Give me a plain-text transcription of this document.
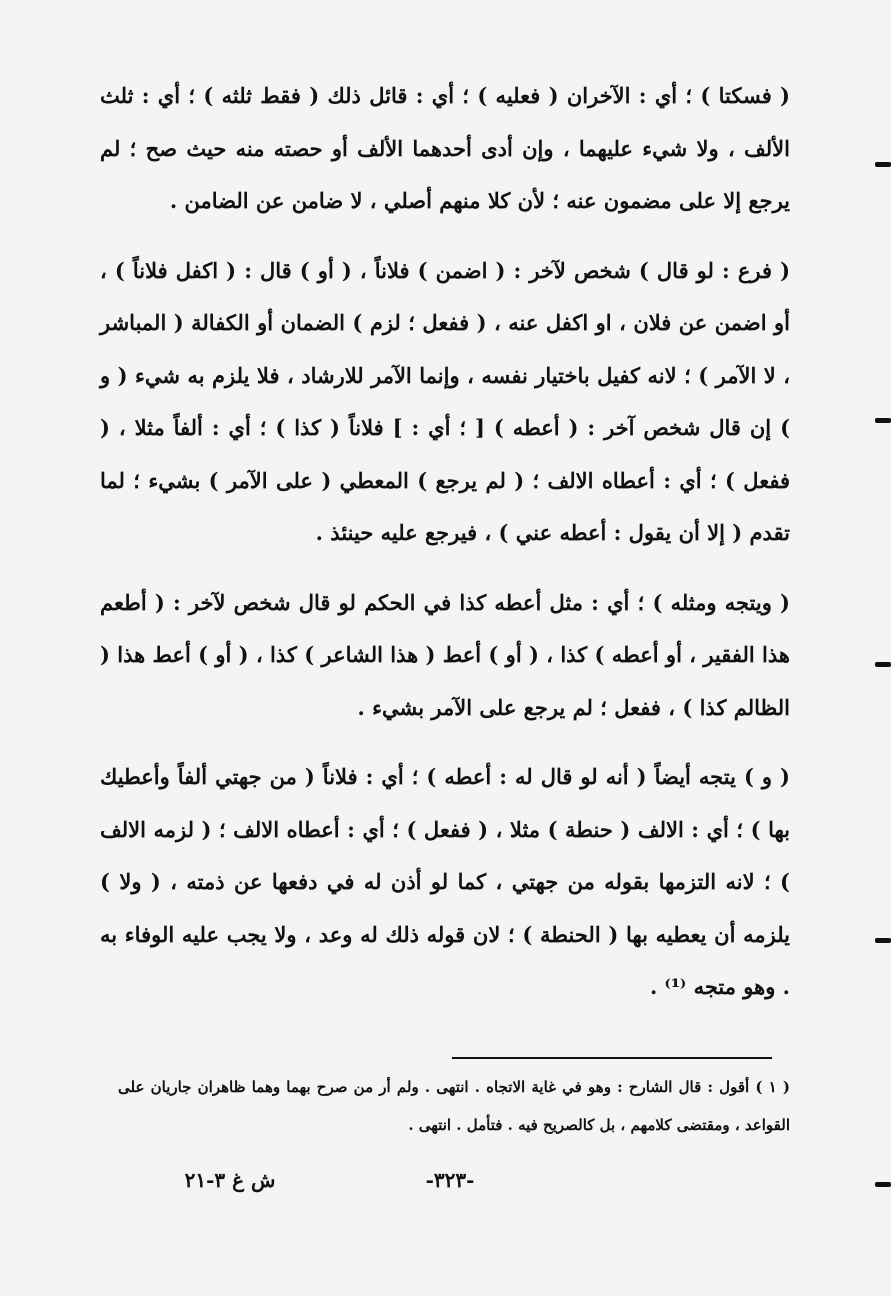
( فسكتا ) ؛ أي : الآخران ( فعليه ) ؛ أي : قائل ذلك ( فقط ثلثه ) ؛ أي : ثلث الألف ، ولا شيء عليهما ، وإن أدى أحدهما الألف أو حصته منه حيث صح ؛ لم يرجع إلا على مضمون عنه ؛ لأن كلا منهم أصلي ، لا ضامن عن الضامن .

( فرع : لو قال ) شخص لآخر : ( اضمن ) فلاناً ، ( أو ) قال : ( اكفل فلاناً ) ، أو اضمن عن فلان ، او اكفل عنه ، ( ففعل ؛ لزم ) الضمان أو الكفالة ( المباشر ، لا الآمر ) ؛ لانه كفيل باختيار نفسه ، وإنما الآمر للارشاد ، فلا يلزم به شيء ( و ) إن قال شخص آخر : ( أعطه ) [ ؛ أي : ] فلاناً ( كذا ) ؛ أي : ألفاً مثلا ، ( ففعل ) ؛ أي : أعطاه الالف ؛ ( لم يرجع ) المعطي ( على الآمر ) بشيء ؛ لما تقدم ( إلا أن يقول : أعطه عني ) ، فيرجع عليه حينئذ .

( ويتجه ومثله ) ؛ أي : مثل أعطه كذا في الحكم لو قال شخص لآخر : ( أطعم هذا الفقير ، أو أعطه ) كذا ، ( أو ) أعط ( هذا الشاعر ) كذا ، ( أو ) أعط هذا ( الظالم كذا ) ، ففعل ؛ لم يرجع على الآمر بشيء .

( و ) يتجه أيضاً ( أنه لو قال له : أعطه ) ؛ أي : فلاناً ( من جهتي ألفاً وأعطيك بها ) ؛ أي : الالف ( حنطة ) مثلا ، ( ففعل ) ؛ أي : أعطاه الالف ؛ ( لزمه الالف ) ؛ لانه التزمها بقوله من جهتي ، كما لو أذن له في دفعها عن ذمته ، ( ولا ) يلزمه أن يعطيه بها ( الحنطة ) ؛ لان قوله ذلك له وعد ، ولا يجب عليه الوفاء به . وهو متجه ⁽¹⁾ .

( ١ ) أقول : قال الشارح : وهو في غاية الاتجاه . انتهى . ولم أر من صرح بهما وهما ظاهران جاريان على القواعد ، ومقتضى كلامهم ، بل كالصريح فيه . فتأمل . انتهى .
-٣٢٣-
ش غ ٣-٢١
